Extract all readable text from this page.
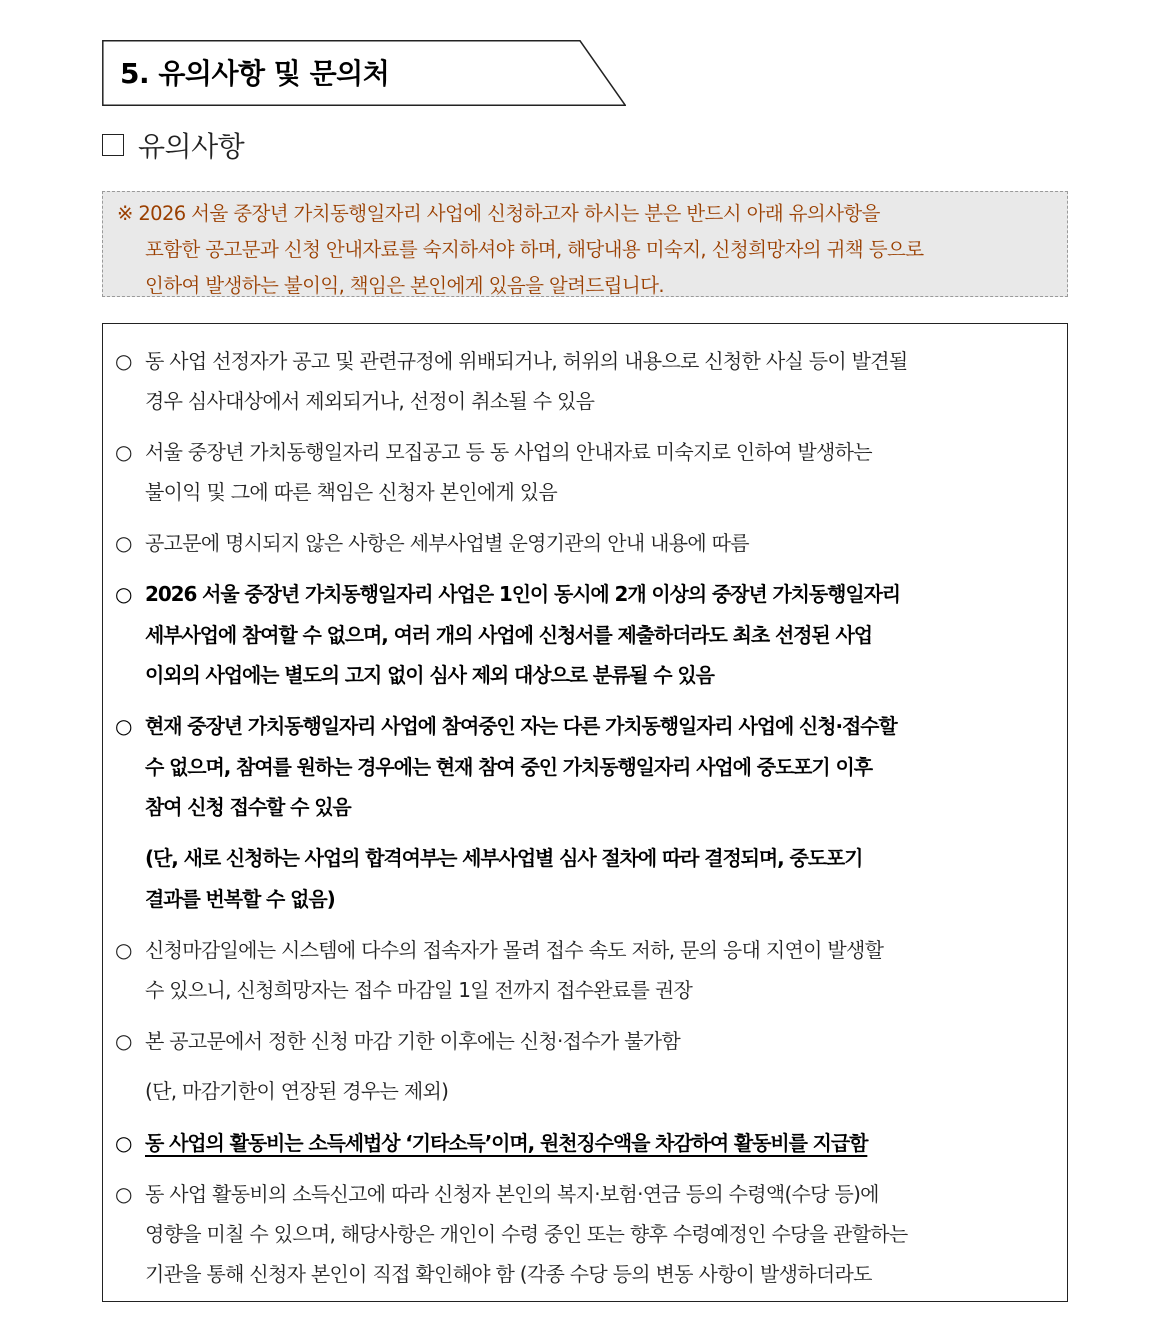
5. 유의사항 및 문의처
유의사항
※ 2026 서울 중장년 가치동행일자리 사업에 신청하고자 하시는 분은 반드시 아래 유의사항을
포함한 공고문과 신청 안내자료를 숙지하셔야 하며, 해당내용 미숙지, 신청희망자의 귀책 등으로
인하여 발생하는 불이익, 책임은 본인에게 있음을 알려드립니다.
○ 동 사업 선정자가 공고 및 관련규정에 위배되거나, 허위의 내용으로 신청한 사실 등이 발견될
경우 심사대상에서 제외되거나, 선정이 취소될 수 있음
○ 서울 중장년 가치동행일자리 모집공고 등 동 사업의 안내자료 미숙지로 인하여 발생하는
불이익 및 그에 따른 책임은 신청자 본인에게 있음
○ 공고문에 명시되지 않은 사항은 세부사업별 운영기관의 안내 내용에 따름
○ 2026 서울 중장년 가치동행일자리 사업은 1인이 동시에 2개 이상의 중장년 가치동행일자리
세부사업에 참여할 수 없으며, 여러 개의 사업에 신청서를 제출하더라도 최초 선정된 사업
이외의 사업에는 별도의 고지 없이 심사 제외 대상으로 분류될 수 있음
○ 현재 중장년 가치동행일자리 사업에 참여중인 자는 다른 가치동행일자리 사업에 신청·접수할
수 없으며, 참여를 원하는 경우에는 현재 참여 중인 가치동행일자리 사업에 중도포기 이후
참여 신청 접수할 수 있음
(단, 새로 신청하는 사업의 합격여부는 세부사업별 심사 절차에 따라 결정되며, 중도포기
결과를 번복할 수 없음)
○ 신청마감일에는 시스템에 다수의 접속자가 몰려 접수 속도 저하, 문의 응대 지연이 발생할
수 있으니, 신청희망자는 접수 마감일 1일 전까지 접수완료를 권장
○ 본 공고문에서 정한 신청 마감 기한 이후에는 신청·접수가 불가함
(단, 마감기한이 연장된 경우는 제외)
○ 동 사업의 활동비는 소득세법상 ‘기타소득’이며, 원천징수액을 차감하여 활동비를 지급함
○ 동 사업 활동비의 소득신고에 따라 신청자 본인의 복지·보험·연금 등의 수령액(수당 등)에
영향을 미칠 수 있으며, 해당사항은 개인이 수령 중인 또는 향후 수령예정인 수당을 관할하는
기관을 통해 신청자 본인이 직접 확인해야 함 (각종 수당 등의 변동 사항이 발생하더라도
